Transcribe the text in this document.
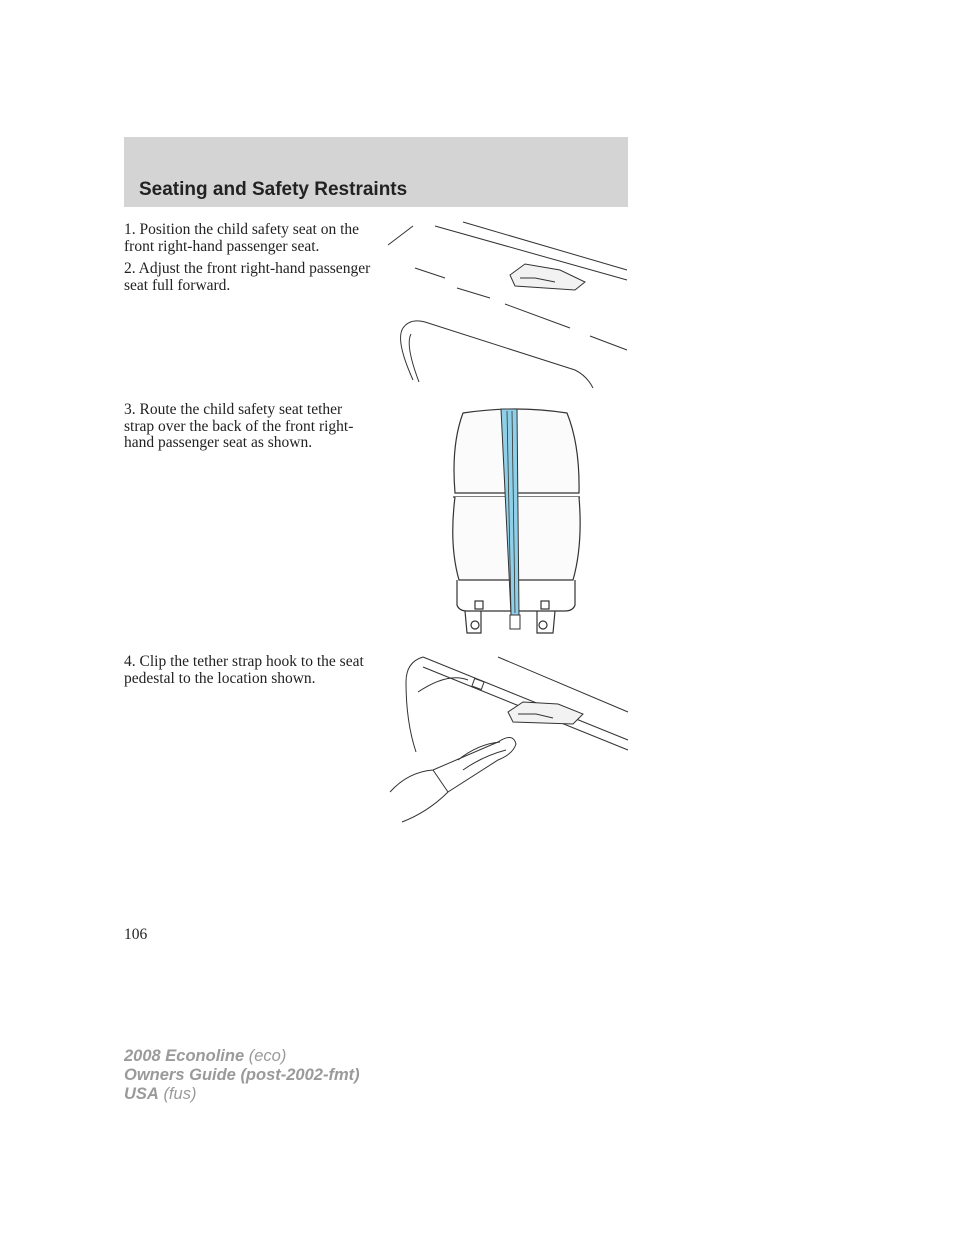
Seating and Safety Restraints

1. Position the child safety seat on the front right-hand passenger seat.

2. Adjust the front right-hand passenger seat full forward.

3. Route the child safety seat tether strap over the back of the front right-hand passenger seat as shown.

4. Clip the tether strap hook to the seat pedestal to the location shown.

106
2008 Econoline (eco)
Owners Guide (post-2002-fmt)
USA (fus)
